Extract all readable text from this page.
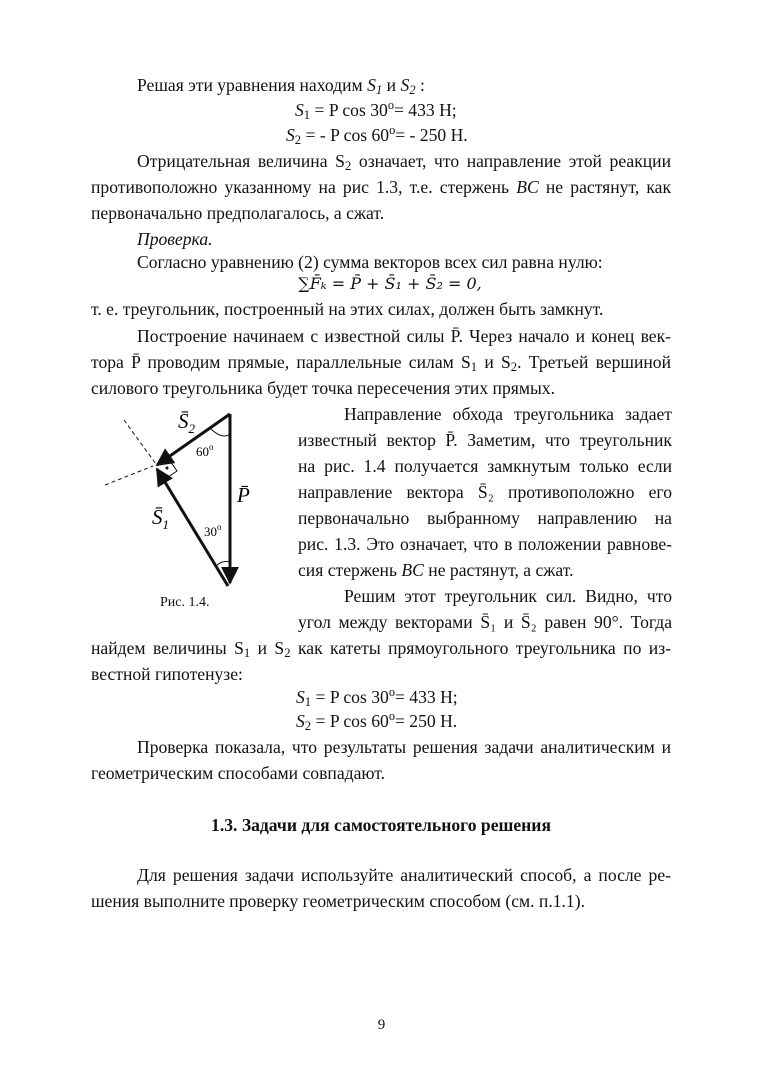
Решая эти уравнения находим $S_1$ и $S_2$ :
$S_1 = P$ $\cos 30^o= 433$ Н;
$S_2$ = - P $\cos 60^o= - 250$ Н.
Отрицательная величина $S_2$ означает, что направление этой реакции
противоположно указанному на рис 1.3, т.е. стержень BC не растянут, как
первоначально предполагалось, а сжат.
Проверка.
Согласно уравнению (2) сумма векторов всех сил равна нулю:
∑F̄ₖ = P̄ + S̄₁ + S̄₂ = 0,
т. е. треугольник, построенный на этих силах, должен быть замкнут.
Построение начинаем с известной силы P̄. Через начало и конец век-
тора P̄ проводим прямые, параллельные силам $S_1$ и $S_2$. Третьей вершиной
силового треугольника будет точка пересечения этих прямых.
$S̄_2$
60$^o$
P̄
$S̄_1$	30$^o$
Рис. 1.4.
Направление обхода треугольника задает
известный вектор P̄. Заметим, что треугольник
на рис. 1.4 получается замкнутым только если
направление вектора S̄₂ противоположно его
первоначально выбранному направлению на
рис. 1.3. Это означает, что в положении равнове-
сия стержень BC не растянут, а сжат.
Решим этот треугольник сил. Видно, что
угол между векторами S̄₁ и S̄₂ равен 90°. Тогда
найдем величины $S_1$ и $S_2$ как катеты прямоугольного треугольника по из-
вестной гипотенузе:
$S_1 = P$ $\cos 30^o= 433$ Н;
$S_2 = P$ $\cos 60^o= 250$ Н.
Проверка показала, что результаты решения задачи аналитическим и
геометрическим способами совпадают.
1.3. Задачи для самостоятельного решения
Для решения задачи используйте аналитический способ, а после ре-
шения выполните проверку геометрическим способом (см. п.1.1).
9
